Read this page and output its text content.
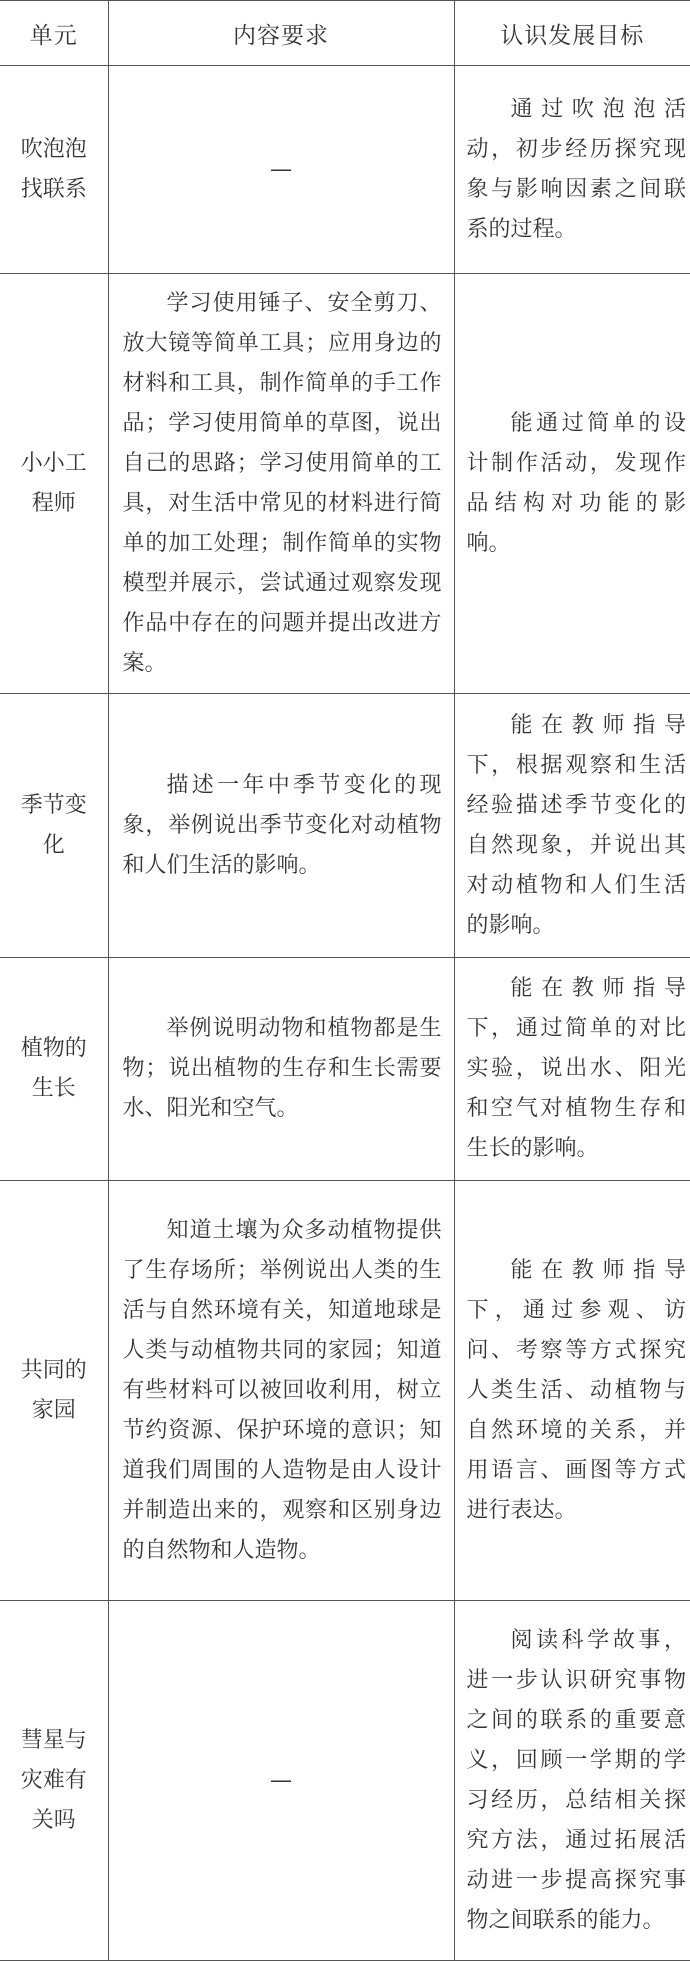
单元	内容要求	认识发展目标
吹泡泡找联系	—	通过吹泡泡活动，初步经历探究现象与影响因素之间联系的过程。

小小工程师	学习使用锤子、安全剪刀、放大镜等简单工具；应用身边的材料和工具，制作简单的手工作品；学习使用简单的草图，说出自己的思路；学习使用简单的工具，对生活中常见的材料进行简单的加工处理；制作简单的实物模型并展示，尝试通过观察发现作品中存在的问题并提出改进方案。	能通过简单的设计制作活动，发现作品结构对功能的影响。

季节变化	描述一年中季节变化的现象，举例说出季节变化对动植物和人们生活的影响。	能在教师指导下，根据观察和生活经验描述季节变化的自然现象，并说出其对动植物和人们生活的影响。

植物的生长	举例说明动物和植物都是生物；说出植物的生存和生长需要水、阳光和空气。	能在教师指导下，通过简单的对比实验，说出水、阳光和空气对植物生存和生长的影响。

共同的家园	知道土壤为众多动植物提供了生存场所；举例说出人类的生活与自然环境有关，知道地球是人类与动植物共同的家园；知道有些材料可以被回收利用，树立节约资源、保护环境的意识；知道我们周围的人造物是由人设计并制造出来的，观察和区别身边的自然物和人造物。	能在教师指导下，通过参观、访问、考察等方式探究人类生活、动植物与自然环境的关系，并用语言、画图等方式进行表达。

彗星与灾难有关吗	—	阅读科学故事，进一步认识研究事物之间的联系的重要意义，回顾一学期的学习经历，总结相关探究方法，通过拓展活动进一步提高探究事物之间联系的能力。
